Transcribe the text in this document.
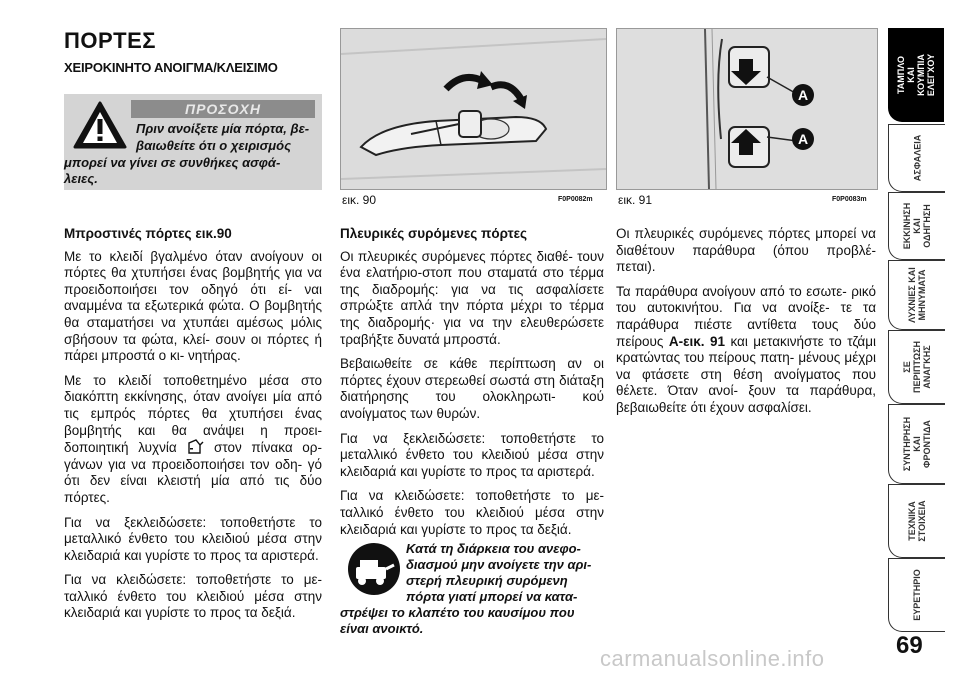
ΠΟΡΤΕΣ
ΧΕΙΡΟΚΙΝΗΤΟ ΑΝΟΙΓΜΑ/ΚΛΕΙΣΙΜΟ
ΠΡΟΣΟΧΗ
Πριν ανοίξετε μία πόρτα, βε-
βαιωθείτε ότι ο χειρισμός
μπορεί να γίνει σε συνθήκες ασφά-
λειες.
Μπροστινές πόρτες εικ.90

Με το κλειδί βγαλμένο όταν ανοίγουν οι πόρτες θα χτυπήσει ένας βομβητής για να προειδοποιήσει τον οδηγό ότι εί- ναι αναμμένα τα εξωτερικά φώτα. Ο βομβητής θα σταματήσει να χτυπάει αμέσως μόλις σβήσουν τα φώτα, κλεί- σουν οι πόρτες ή πάρει μπροστά ο κι- νητήρας.

Με το κλειδί τοποθετημένο μέσα στο διακόπτη εκκίνησης, όταν ανοίγει μία από τις εμπρός πόρτες θα χτυπήσει ένας βομβητής και θα ανάψει η προει- δοποιητική λυχνία	στον πίνακα ορ- γάνων για να προειδοποιήσει τον οδη- γό ότι δεν είναι κλειστή μία από τις δύο πόρτες.

Για να ξεκλειδώσετε: τοποθετήστε το μεταλλικό ένθετο του κλειδιού μέσα στην κλειδαριά και γυρίστε το προς τα αριστερά.

Για να κλειδώσετε: τοποθετήστε το με- ταλλικό ένθετο του κλειδιού μέσα στην κλειδαριά και γυρίστε το προς τα δεξιά.

εικ. 90	F0P0082m
A
A
εικ. 91	F0P0083m
Πλευρικές συρόμενες πόρτες

Οι πλευρικές συρόμενες πόρτες διαθέ- τουν ένα ελατήριο-στοπ που σταματά στο τέρμα της διαδρομής: για να τις ασφαλίσετε σπρώξτε απλά την πόρτα μέχρι το τέρμα της διαδρομής· για να την ελευθερώσετε τραβήξτε δυνατά μπροστά.

Βεβαιωθείτε σε κάθε περίπτωση αν οι πόρτες έχουν στερεωθεί σωστά στη διάταξη διατήρησης του ολοκληρωτι- κού ανοίγματος των θυρών.

Για να ξεκλειδώσετε: τοποθετήστε το μεταλλικό ένθετο του κλειδιού μέσα στην κλειδαριά και γυρίστε το προς τα αριστερά.

Για να κλειδώσετε: τοποθετήστε το με- ταλλικό ένθετο του κλειδιού μέσα στην κλειδαριά και γυρίστε το προς τα δεξιά.

Κατά τη διάρκεια του ανεφο-
διασμού μην ανοίγετε την αρι-
στερή πλευρική συρόμενη
πόρτα γιατί μπορεί να κατα-
στρέψει το κλαπέτο του καυσίμου που
είναι ανοικτό.

Οι πλευρικές συρόμενες πόρτες μπορεί να διαθέτουν παράθυρα (όπου προβλέ- πεται).

Τα παράθυρα ανοίγουν από το εσωτε- ρικό του αυτοκινήτου. Για να ανοίξε- τε τα παράθυρα πιέστε αντίθετα τους δύο πείρους A-εικ. 91 και μετακινήστε το τζάμι κρατώντας του πείρους πατη- μένους μέχρι να φτάσετε στη θέση ανοίγματος που θέλετε. Όταν ανοί- ξουν τα παράθυρα, βεβαιωθείτε ότι έχουν ασφαλίσει.

ΤΑΜΠΛΟ ΚΑΙ ΚΟΥΜΠΙΑ ΕΛΕΓΧΟΥ
ΑΣΦΑΛΕΙΑ
ΕΚΚΙΝΗΣΗ ΚΑΙ ΟΔΗΓΗΣΗ
ΛΥΧΝΙΕΣ ΚΑΙ ΜΗΝΥΜΑΤΑ
ΣΕ ΠΕΡΙΠΤΩΣΗ ΑΝΑΓΚΗΣ
ΣΥΝΤΗΡΗΣΗ ΚΑΙ ΦΡΟΝΤΙΔΑ
ΤΕΧΝΙΚΑ ΣΤΟΙΧΕΙΑ
ΕΥΡΕΤΗΡΙΟ
69
carmanualsonline.info
